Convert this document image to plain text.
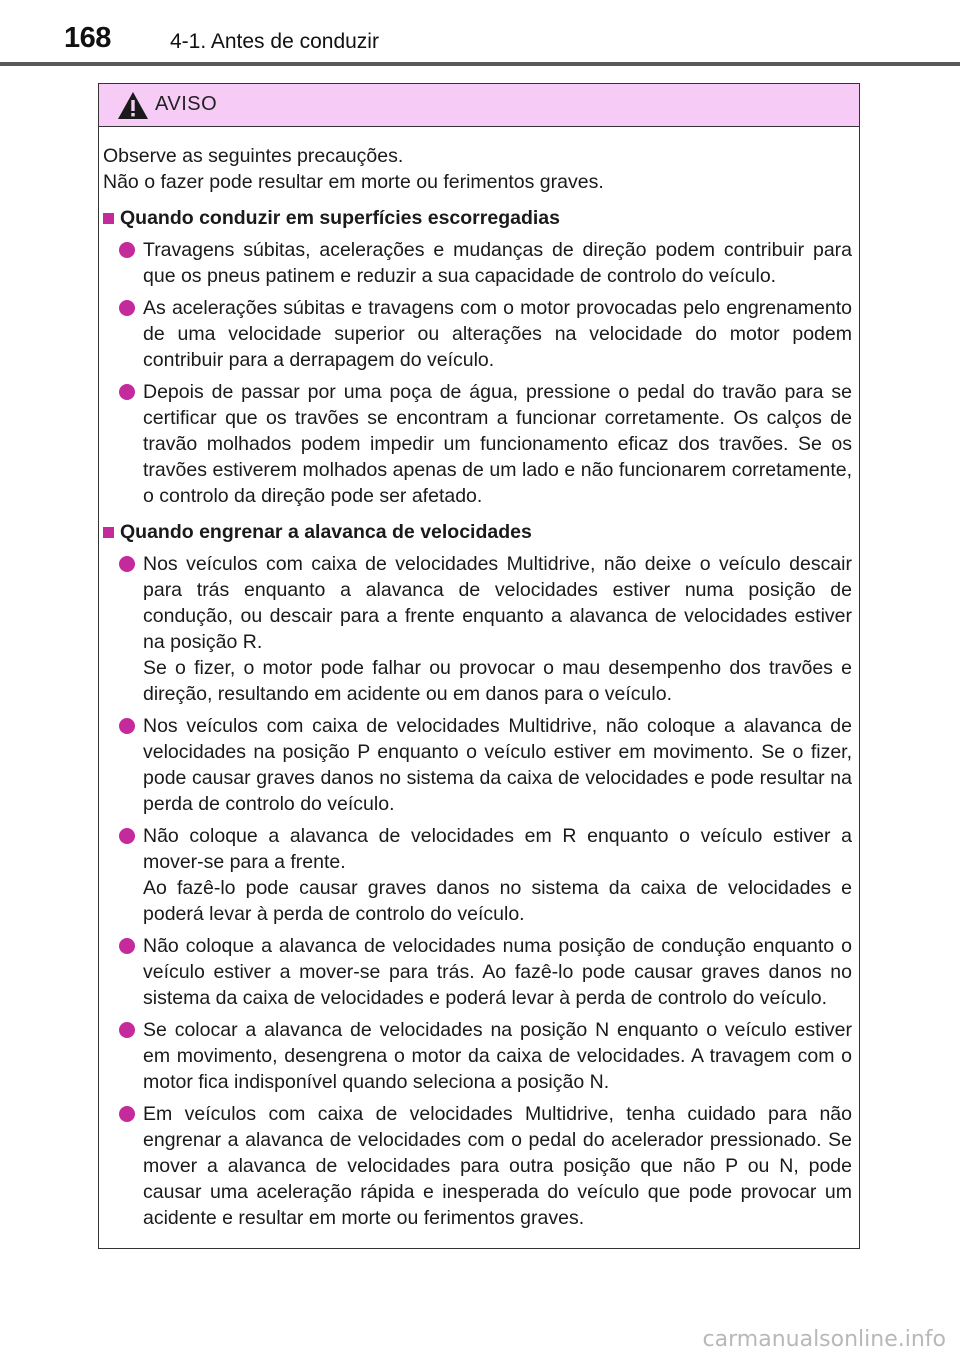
168	4-1. Antes de conduzir
AVISO
Observe as seguintes precauções.
Não o fazer pode resultar em morte ou ferimentos graves.
Quando conduzir em superfícies escorregadias
Travagens súbitas, acelerações e mudanças de direção podem contribuir para que os pneus patinem e reduzir a sua capacidade de controlo do veículo.
As acelerações súbitas e travagens com o motor provocadas pelo engrenamento de uma velocidade superior ou alterações na velocidade do motor podem contribuir para a derrapagem do veículo.
Depois de passar por uma poça de água, pressione o pedal do travão para se certificar que os travões se encontram a funcionar corretamente. Os calços de travão molhados podem impedir um funcionamento eficaz dos travões. Se os travões estiverem molhados apenas de um lado e não funcionarem corretamente, o controlo da direção pode ser afetado.
Quando engrenar a alavanca de velocidades
Nos veículos com caixa de velocidades Multidrive, não deixe o veículo descair para trás enquanto a alavanca de velocidades estiver numa posição de condução, ou descair para a frente enquanto a alavanca de velocidades estiver na posição R.
Se o fizer, o motor pode falhar ou provocar o mau desempenho dos travões e direção, resultando em acidente ou em danos para o veículo.
Nos veículos com caixa de velocidades Multidrive, não coloque a alavanca de velocidades na posição P enquanto o veículo estiver em movimento. Se o fizer, pode causar graves danos no sistema da caixa de velocidades e pode resultar na perda de controlo do veículo.
Não coloque a alavanca de velocidades em R enquanto o veículo estiver a mover-se para a frente.
Ao fazê-lo pode causar graves danos no sistema da caixa de velocidades e poderá levar à perda de controlo do veículo.
Não coloque a alavanca de velocidades numa posição de condução enquanto o veículo estiver a mover-se para trás. Ao fazê-lo pode causar graves danos no sistema da caixa de velocidades e poderá levar à perda de controlo do veículo.
Se colocar a alavanca de velocidades na posição N enquanto o veículo estiver em movimento, desengrena o motor da caixa de velocidades. A travagem com o motor fica indisponível quando seleciona a posição N.
Em veículos com caixa de velocidades Multidrive, tenha cuidado para não engrenar a alavanca de velocidades com o pedal do acelerador pressionado. Se mover a alavanca de velocidades para outra posição que não P ou N, pode causar uma aceleração rápida e inesperada do veículo que pode provocar um acidente e resultar em morte ou ferimentos graves.
carmanualsonline.info
